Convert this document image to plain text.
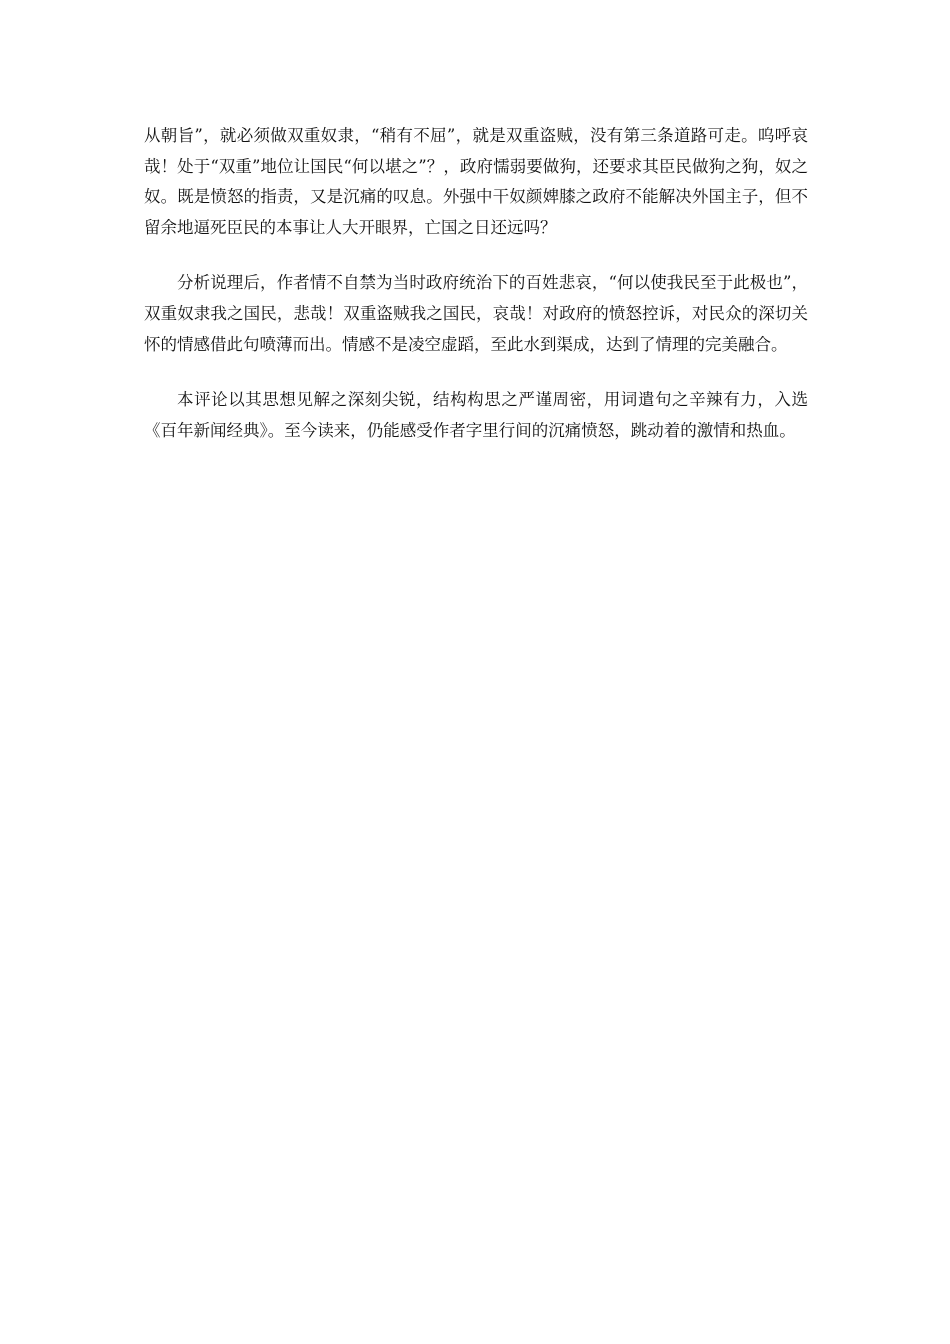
从朝旨”，就必须做双重奴隶，“稍有不屈”，就是双重盗贼，没有第三条道路可走。呜呼哀哉！处于“双重”地位让国民“何以堪之”？，政府懦弱要做狗，还要求其臣民做狗之狗，奴之奴。既是愤怒的指责，又是沉痛的叹息。外强中干奴颜婢膝之政府不能解决外国主子，但不留余地逼死臣民的本事让人大开眼界，亡国之日还远吗？

分析说理后，作者情不自禁为当时政府统治下的百姓悲哀，“何以使我民至于此极也”，双重奴隶我之国民，悲哉！双重盗贼我之国民，哀哉！对政府的愤怒控诉，对民众的深切关怀的情感借此句喷薄而出。情感不是凌空虚蹈，至此水到渠成，达到了情理的完美融合。

本评论以其思想见解之深刻尖锐，结构构思之严谨周密，用词遣句之辛辣有力，入选《百年新闻经典》。至今读来，仍能感受作者字里行间的沉痛愤怒，跳动着的激情和热血。
